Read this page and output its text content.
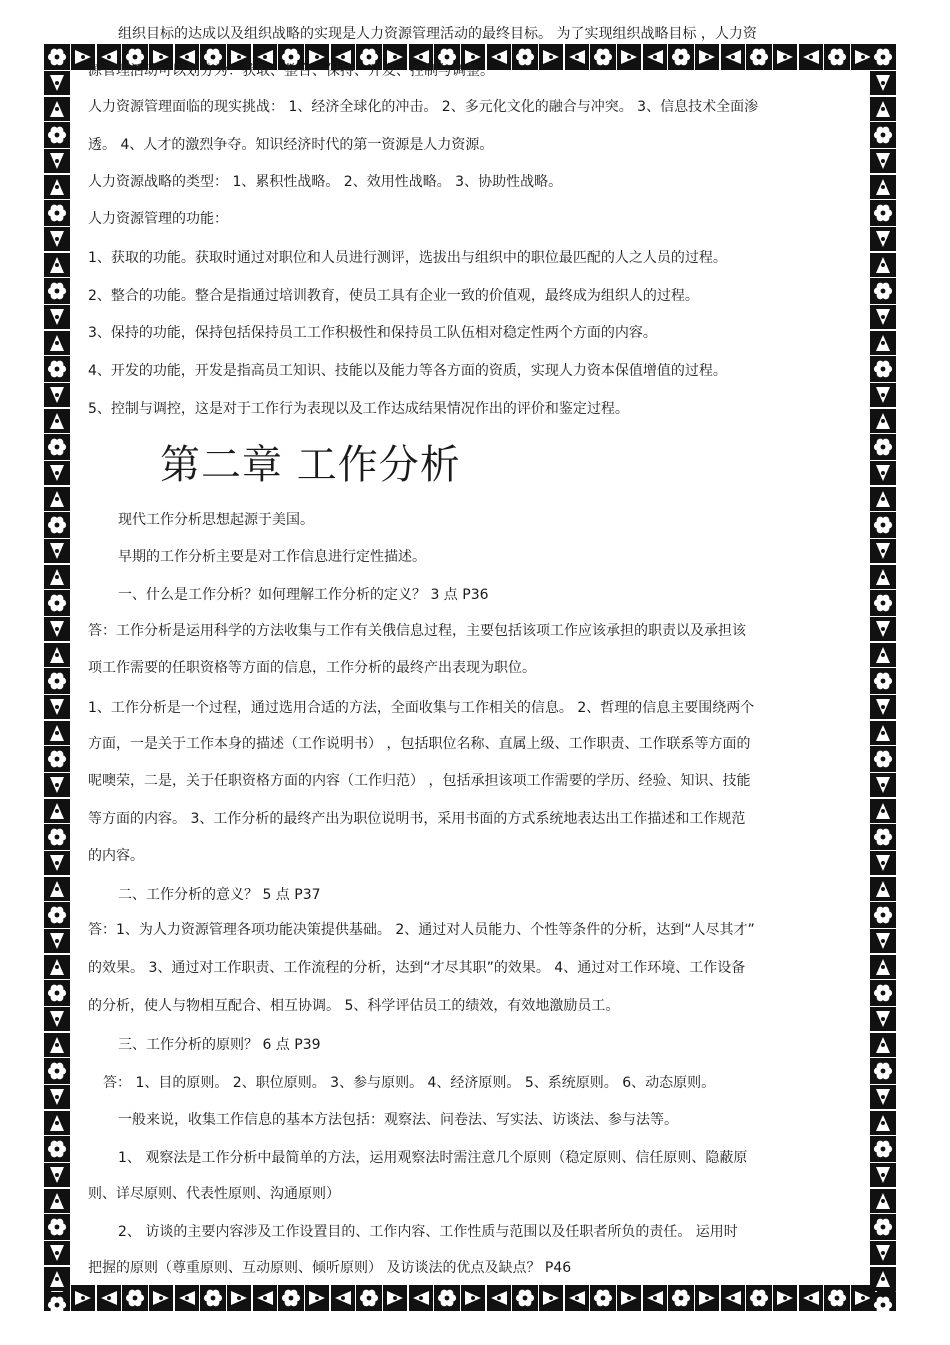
组织目标的达成以及组织战略的实现是人力资源管理活动的最终目标。 为了实现组织战略目标 ，人力资
源管理活动可以划分为：获取、整合、保持、开发、控制与调整。
人力资源管理面临的现实挑战： 1、经济全球化的冲击。 2、多元化文化的融合与冲突。 3、信息技术全面渗
透。 4、人才的激烈争夺。知识经济时代的第一资源是人力资源。
人力资源战略的类型： 1、累积性战略。 2、效用性战略。 3、协助性战略。
人力资源管理的功能：
1、获取的功能。获取时通过对职位和人员进行测评，选拔出与组织中的职位最匹配的人之人员的过程。
2、整合的功能。整合是指通过培训教育，使员工具有企业一致的价值观，最终成为组织人的过程。
3、保持的功能，保持包括保持员工工作积极性和保持员工队伍相对稳定性两个方面的内容。
4、开发的功能，开发是指高员工知识、技能以及能力等各方面的资质，实现人力资本保值增值的过程。
5、控制与调控，这是对于工作行为表现以及工作达成结果情况作出的评价和鉴定过程。
现代工作分析思想起源于美国。
早期的工作分析主要是对工作信息进行定性描述。
一、什么是工作分析？如何理解工作分析的定义？ 3 点 P36
答：工作分析是运用科学的方法收集与工作有关俄信息过程，主要包括该项工作应该承担的职责以及承担该
项工作需要的任职资格等方面的信息，工作分析的最终产出表现为职位。
1、工作分析是一个过程，通过选用合适的方法，全面收集与工作相关的信息。 2、哲理的信息主要围绕两个
方面，一是关于工作本身的描述（工作说明书） ，包括职位名称、直属上级、工作职责、工作联系等方面的
呢噢荣，二是，关于任职资格方面的内容（工作归范） ，包括承担该项工作需要的学历、经验、知识、技能
等方面的内容。 3、工作分析的最终产出为职位说明书，采用书面的方式系统地表达出工作描述和工作规范
的内容。
二、工作分析的意义？ 5 点 P37
答：1、为人力资源管理各项功能决策提供基础。 2、通过对人员能力、个性等条件的分析，达到“人尽其才”
的效果。 3、通过对工作职责、工作流程的分析，达到“才尽其职”的效果。 4、通过对工作环境、工作设备
的分析，使人与物相互配合、相互协调。 5、科学评估员工的绩效，有效地激励员工。
三、工作分析的原则？ 6 点 P39
答： 1、目的原则。 2、职位原则。 3、参与原则。 4、经济原则。 5、系统原则。 6、动态原则。
一般来说，收集工作信息的基本方法包括：观察法、问卷法、写实法、访谈法、参与法等。
1、 观察法是工作分析中最简单的方法，运用观察法时需注意几个原则（稳定原则、信任原则、隐蔽原
则、详尽原则、代表性原则、沟通原则）
2、 访谈的主要内容涉及工作设置目的、工作内容、工作性质与范围以及任职者所负的责任。 运用时
把握的原则（尊重原则、互动原则、倾听原则） 及访谈法的优点及缺点？ P46
第二章 工作分析
